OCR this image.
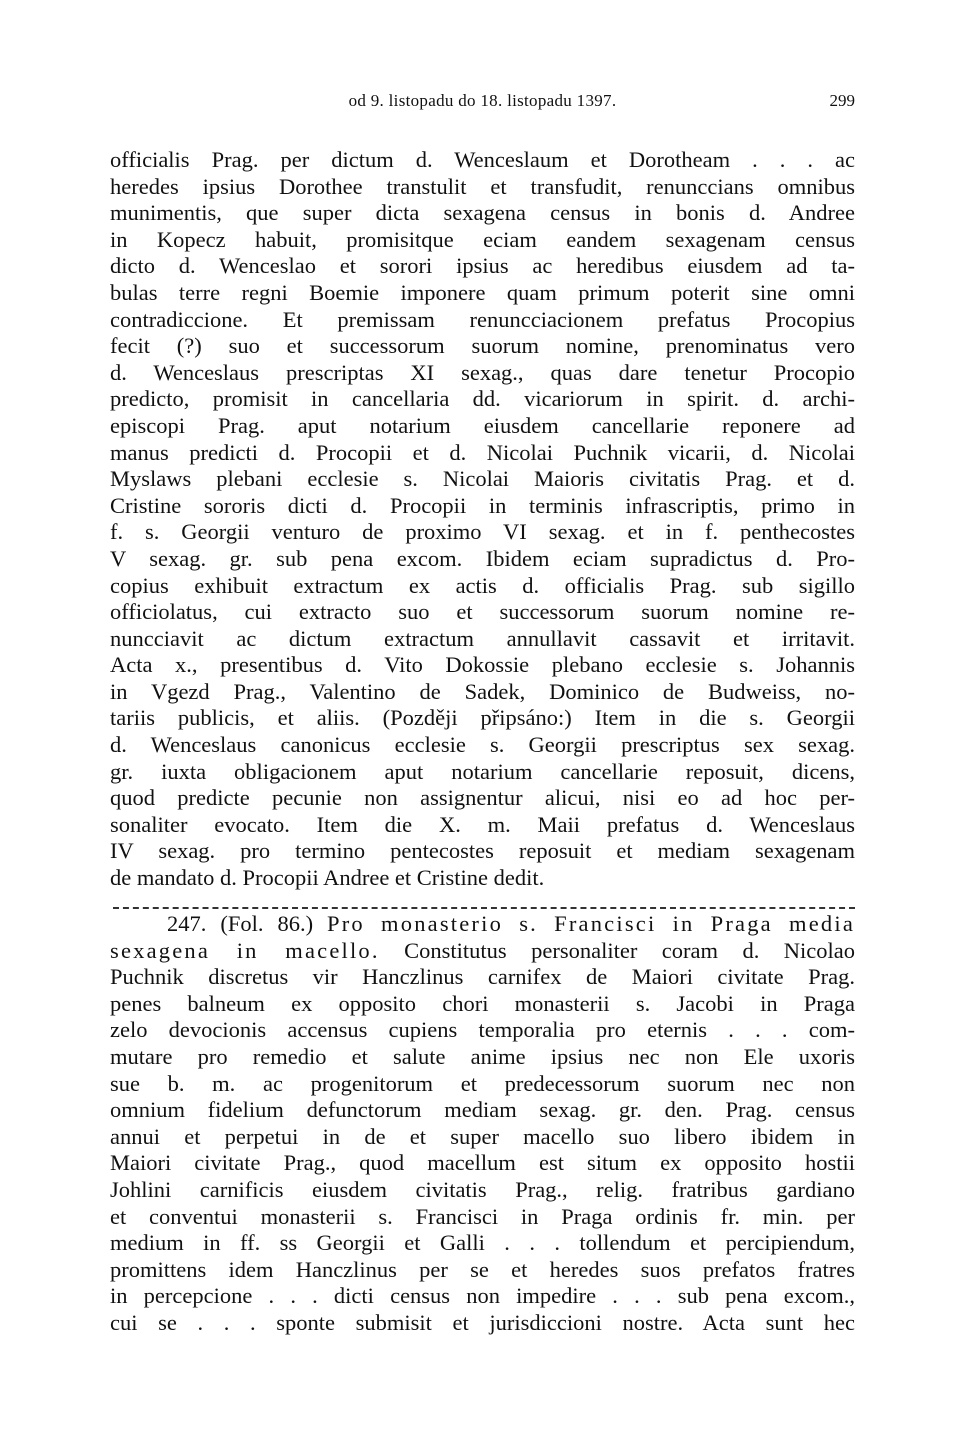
od 9. listopadu do 18. listopadu 1397.	299
officialis Prag. per dictum d. Wenceslaum et Dorotheam . . . ac
heredes ipsius Dorothee transtulit et transfudit, renunccians omnibus
munimentis, que super dicta sexagena census in bonis d. Andree
in Kopecz habuit, promisitque eciam eandem sexagenam census
dicto d. Wenceslao et sorori ipsius ac heredibus eiusdem ad ta-
bulas terre regni Boemie imponere quam primum poterit sine omni
contradiccione. Et premissam renuncciacionem prefatus Procopius
fecit (?) suo et successorum suorum nomine, prenominatus vero
d. Wenceslaus prescriptas XI sexag., quas dare tenetur Procopio
predicto, promisit in cancellaria dd. vicariorum in spirit. d. archi-
episcopi Prag. aput notarium eiusdem cancellarie reponere ad
manus predicti d. Procopii et d. Nicolai Puchnik vicarii, d. Nicolai
Myslaws plebani ecclesie s. Nicolai Maioris civitatis Prag. et d.
Cristine sororis dicti d. Procopii in terminis infrascriptis, primo in
f. s. Georgii venturo de proximo VI sexag. et in f. penthecostes
V sexag. gr. sub pena excom. Ibidem eciam supradictus d. Pro-
copius exhibuit extractum ex actis d. officialis Prag. sub sigillo
officiolatus, cui extracto suo et successorum suorum nomine re-
nuncciavit ac dictum extractum annullavit cassavit et irritavit.
Acta x., presentibus d. Vito Dokossie plebano ecclesie s. Johannis
in Vgezd Prag., Valentino de Sadek, Dominico de Budweiss, no-
tariis publicis, et aliis. (Později připsáno:) Item in die s. Georgii
d. Wenceslaus canonicus ecclesie s. Georgii prescriptus sex sexag.
gr. iuxta obligacionem aput notarium cancellarie reposuit, dicens,
quod predicte pecunie non assignentur alicui, nisi eo ad hoc per-
sonaliter evocato. Item die X. m. Maii prefatus d. Wenceslaus
IV sexag. pro termino pentecostes reposuit et mediam sexagenam
de mandato d. Procopii Andree et Cristine dedit.
247. (Fol. 86.) Pro monasterio s. Francisci in Praga media
sexagena in macello. Constitutus personaliter coram d. Nicolao
Puchnik discretus vir Hanczlinus carnifex de Maiori civitate Prag.
penes balneum ex opposito chori monasterii s. Jacobi in Praga
zelo devocionis accensus cupiens temporalia pro eternis . . . com-
mutare pro remedio et salute anime ipsius nec non Ele uxoris
sue b. m. ac progenitorum et predecessorum suorum nec non
omnium fidelium defunctorum mediam sexag. gr. den. Prag. census
annui et perpetui in de et super macello suo libero ibidem in
Maiori civitate Prag., quod macellum est situm ex opposito hostii
Johlini carnificis eiusdem civitatis Prag., relig. fratribus gardiano
et conventui monasterii s. Francisci in Praga ordinis fr. min. per
medium in ff. ss Georgii et Galli . . . tollendum et percipiendum,
promittens idem Hanczlinus per se et heredes suos prefatos fratres
in percepcione . . . dicti census non impedire . . . sub pena excom.,
cui se . . . sponte submisit et jurisdiccioni nostre. Acta sunt hec
